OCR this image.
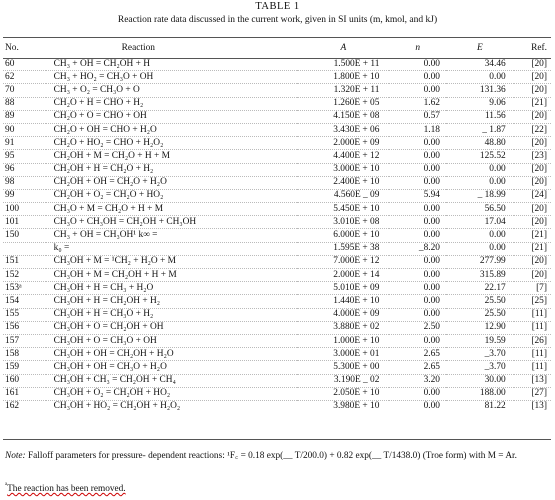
TABLE 1
Reaction rate data discussed in the current work, given in SI units (m, kmol, and kJ)
No.	Reaction	A	n	E	Ref.
60	CH₃ + OH = CH₂OH + H	1.500E + 11	0.00	34.46	[20]
62	CH₃ + HO₂ = CH₃O + OH	1.800E + 10	0.00	0.00	[20]
70	CH₃ + O₂ = CH₃O + O	1.320E + 11	0.00	131.36	[20]
88	CH₂O + H = CHO + H₂	1.260E + 05	1.62	9.06	[21]
89	CH₂O + O = CHO + OH	4.150E + 08	0.57	11.56	[20]
90	CH₂O + OH = CHO + H₂O	3.430E + 06	1.18	_ 1.87	[22]
91	CH₂O + HO₂ = CHO + H₂O₂	2.000E + 09	0.00	48.80	[20]
95	CH₂OH + M = CH₂O + H + M	4.400E + 12	0.00	125.52	[23]
96	CH₂OH + H = CH₂O + H₂	3.000E + 10	0.00	0.00	[20]
98	CH₂OH + OH = CH₂O + H₂O	2.400E + 10	0.00	0.00	[20]
99	CH₂OH + O₂ = CH₂O + HO₂	4.560E _ 09	5.94	_ 18.99	[24]
100	CH₃O + M = CH₂O + H + M	5.450E + 10	0.00	56.50	[20]
101	CH₃O + CH₃OH = CH₂OH + CH₃OH	3.010E + 08	0.00	17.04	[20]
150	CH₃ + OH = CH₃OH¹ k∞ =	6.000E + 10	0.00	0.00	[21]
	k₀ =	1.595E + 38	_8.20	0.00	[21]
151	CH₃OH + M = ¹CH₂ + H₂O + M	7.000E + 12	0.00	277.99	[20]
152	CH₃OH + M = CH₂OH + H + M	2.000E + 14	0.00	315.89	[20]
153ᵃ	CH₃OH + H = CH₃ + H₂O	5.010E + 09	0.00	22.17	[7]
154	CH₃OH + H = CH₂OH + H₂	1.440E + 10	0.00	25.50	[25]
155	CH₃OH + H = CH₃O + H₂	4.000E + 09	0.00	25.50	[11]
156	CH₃OH + O = CH₂OH + OH	3.880E + 02	2.50	12.90	[11]
157	CH₃OH + O = CH₃O + OH	1.000E + 10	0.00	19.59	[26]
158	CH₃OH + OH = CH₂OH + H₂O	3.000E + 01	2.65	_3.70	[11]
159	CH₃OH + OH = CH₃O + H₂O	5.300E + 00	2.65	_3.70	[11]
160	CH₃OH + CH₃ = CH₂OH + CH₄	3.190E _ 02	3.20	30.00	[13]
161	CH₃OH + O₂ = CH₂OH + HO₂	2.050E + 10	0.00	188.00	[27]
162	CH₃OH + HO₂ = CH₂OH + H₂O₂	3.980E + 10	0.00	81.22	[13]
Note: Falloff parameters for pressure- dependent reactions: ¹F꜀ = 0.18 exp(__ T/200.0) + 0.82 exp(__ T/1438.0) (Troe form) with M = Ar.
$^ᵃ$The reaction has been removed.
